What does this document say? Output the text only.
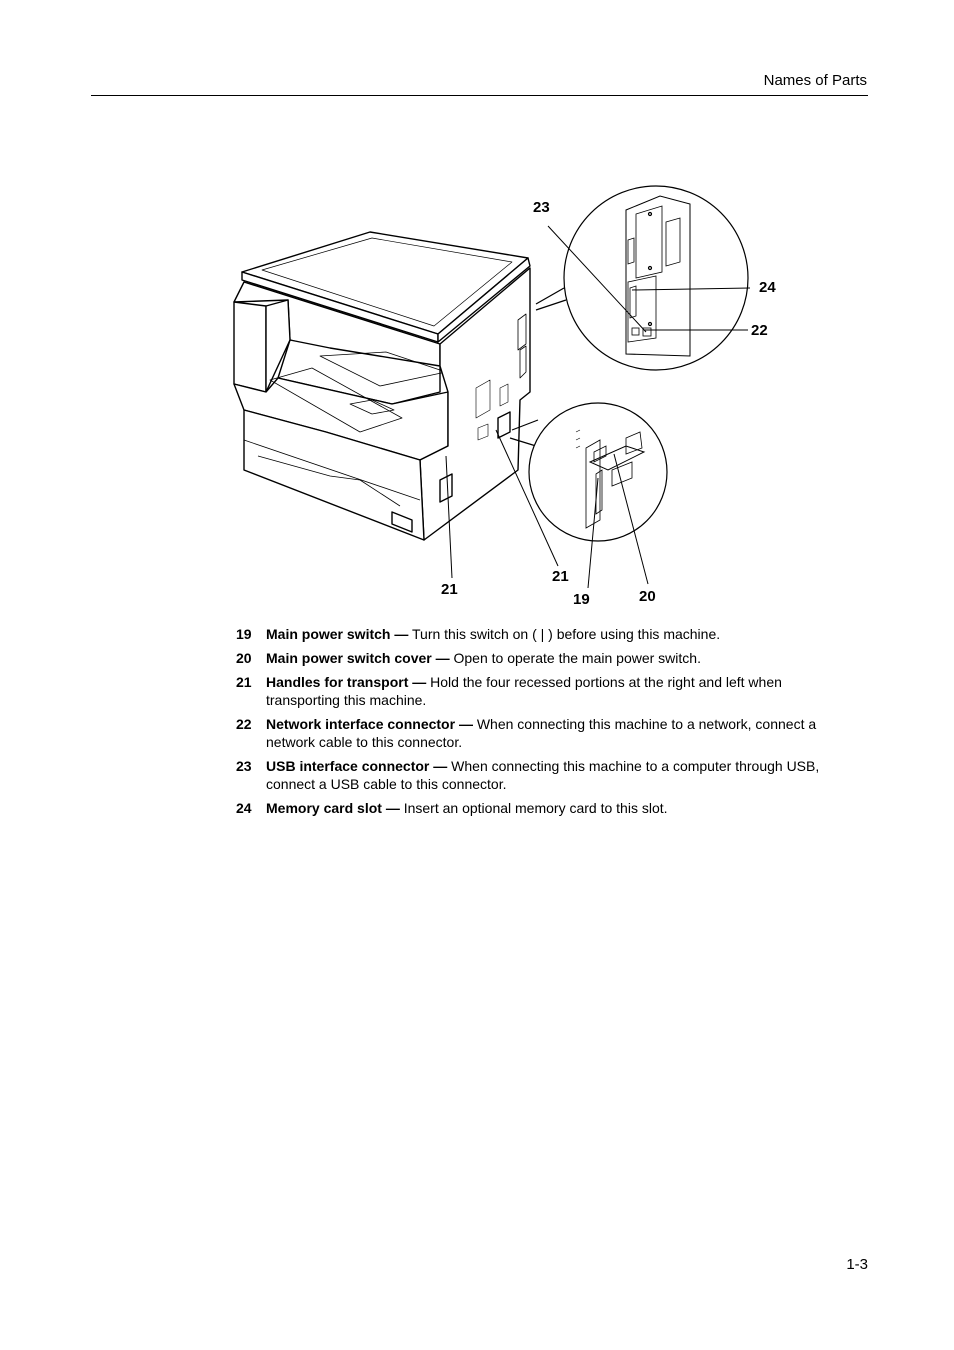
Names of Parts
23
24
22
21
21
19	20
19 Main power switch — Turn this switch on ( | ) before using this machine.
20 Main power switch cover — Open to operate the main power switch.
21 Handles for transport — Hold the four recessed portions at the right and left when transporting this machine.
22 Network interface connector — When connecting this machine to a network, connect a network cable to this connector.
23 USB interface connector — When connecting this machine to a computer through USB, connect a USB cable to this connector.
24 Memory card slot — Insert an optional memory card to this slot.
1-3
